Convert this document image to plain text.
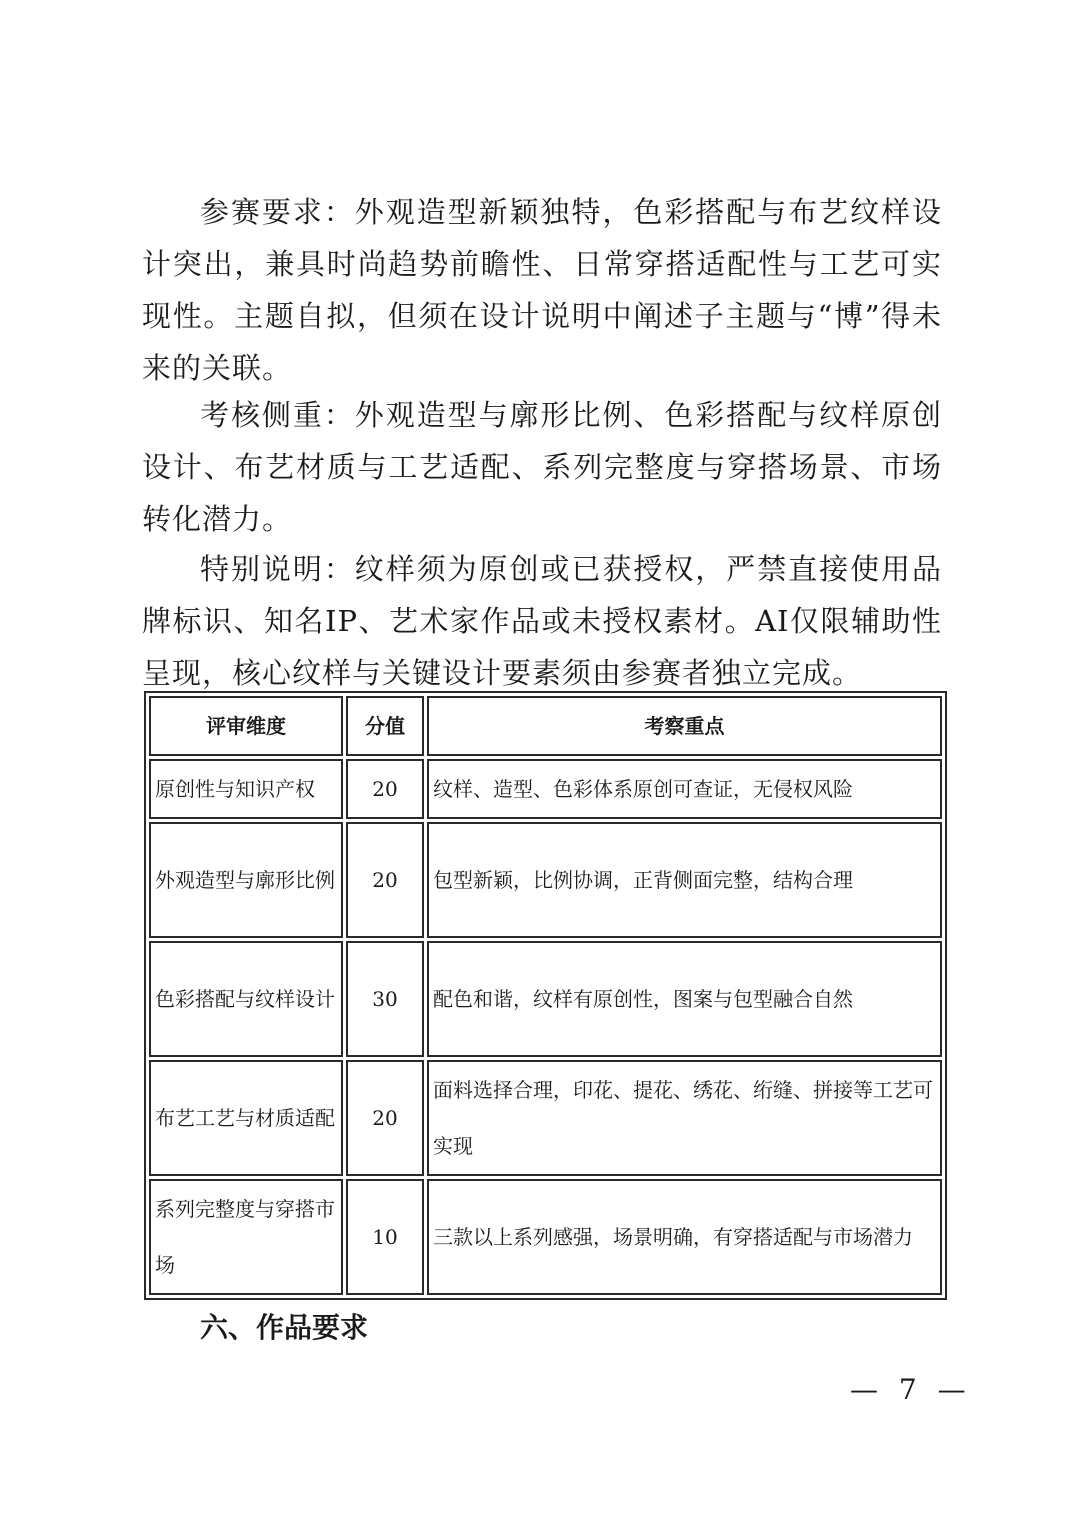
参赛要求：外观造型新颖独特，色彩搭配与布艺纹样设计突出，兼具时尚趋势前瞻性、日常穿搭适配性与工艺可实现性。主题自拟，但须在设计说明中阐述子主题与“博”得未来的关联。

考核侧重：外观造型与廓形比例、色彩搭配与纹样原创设计、布艺材质与工艺适配、系列完整度与穿搭场景、市场转化潜力。

特别说明：纹样须为原创或已获授权，严禁直接使用品牌标识、知名IP、艺术家作品或未授权素材。AI仅限辅助性呈现，核心纹样与关键设计要素须由参赛者独立完成。

评审维度	分值	考察重点
原创性与知识产权	20	纹样、造型、色彩体系原创可查证，无侵权风险
外观造型与廓形比例	20	包型新颖，比例协调，正背侧面完整，结构合理
色彩搭配与纹样设计	30	配色和谐，纹样有原创性，图案与包型融合自然
布艺工艺与材质适配	20	面料选择合理，印花、提花、绣花、绗缝、拼接等工艺可实现
系列完整度与穿搭市场	10	三款以上系列感强，场景明确，有穿搭适配与市场潜力
六、作品要求
— 7 —
